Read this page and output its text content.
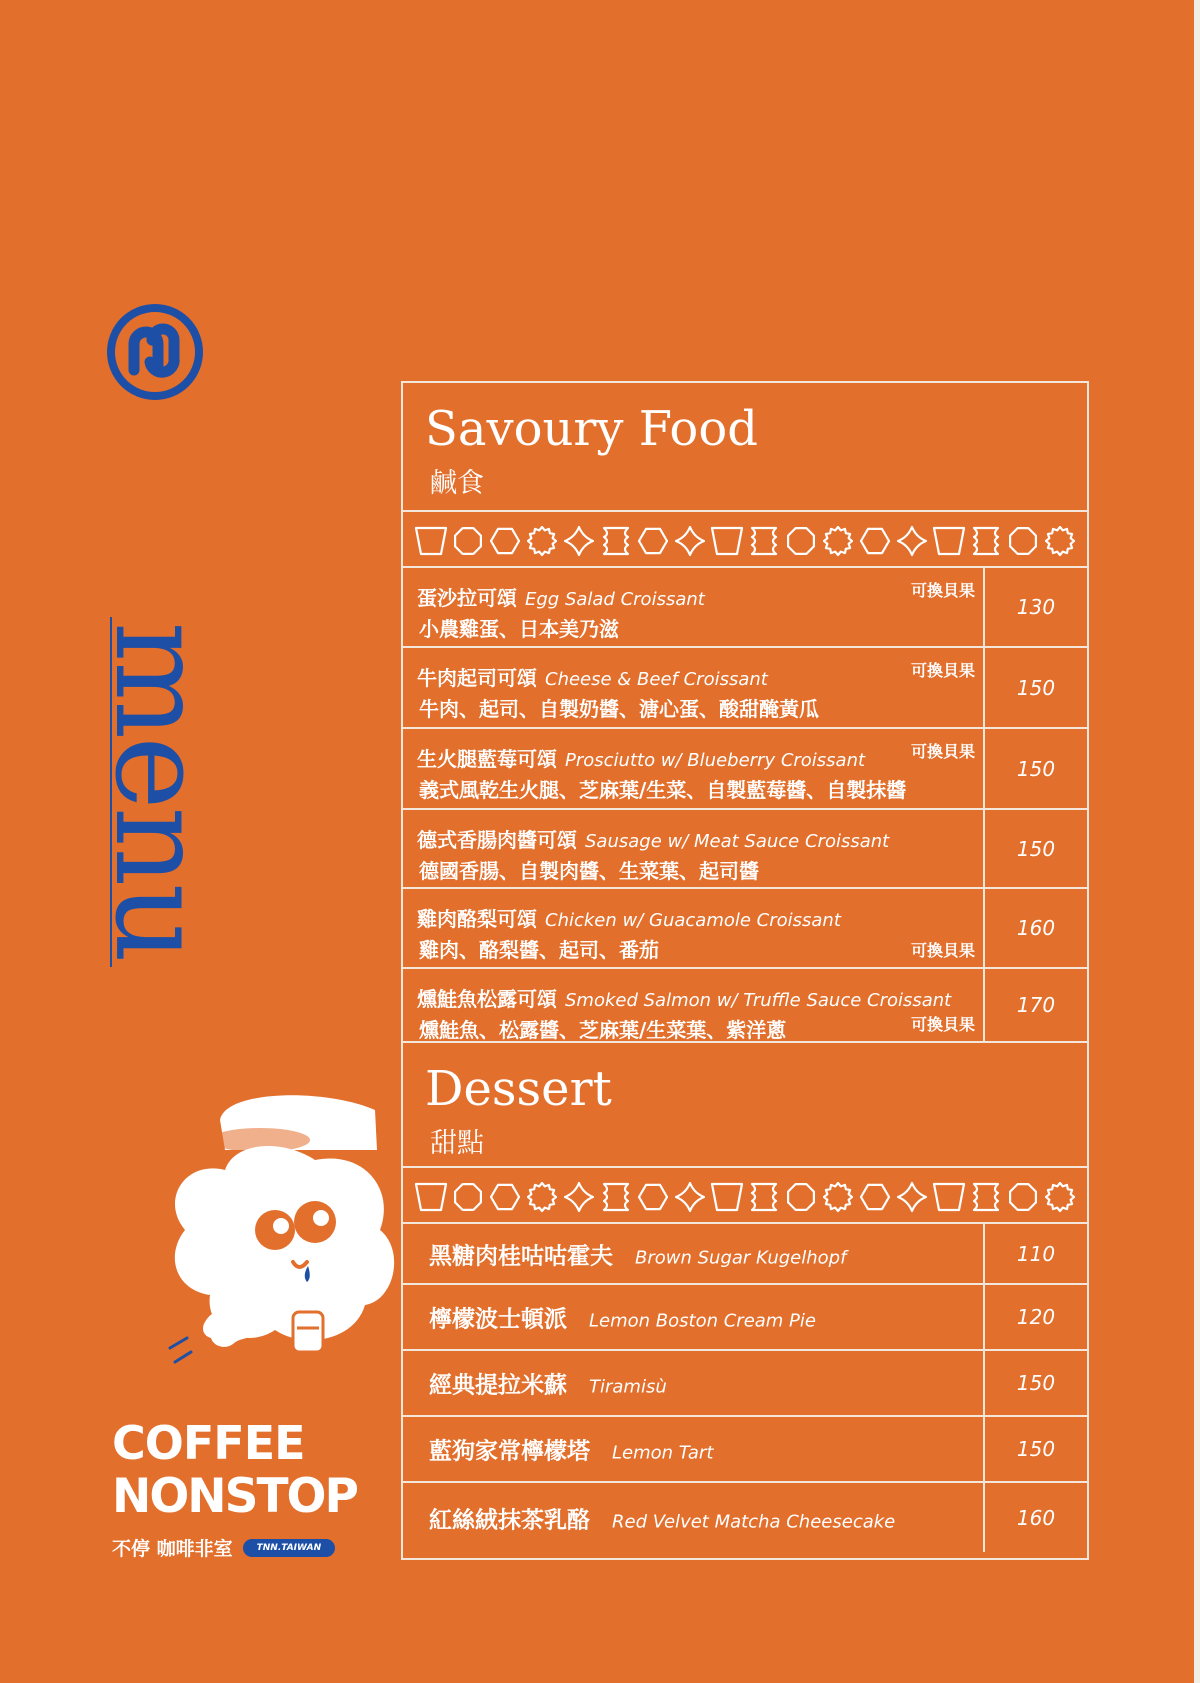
menu
COFFEE
NONSTOP
不停 咖啡非室	TNN.TAIWAN
Savoury Food
鹹食
蛋沙拉可頌 Egg Salad Croissant
小農雞蛋、日本美乃滋
可換貝果
130
牛肉起司可頌 Cheese & Beef Croissant
牛肉、起司、自製奶醬、溏心蛋、酸甜醃黃瓜
可換貝果
150
生火腿藍莓可頌 Prosciutto w/ Blueberry Croissant
義式風乾生火腿、芝麻葉/生菜、自製藍莓醬、自製抹醬
可換貝果
150
德式香腸肉醬可頌 Sausage w/ Meat Sauce Croissant
德國香腸、自製肉醬、生菜葉、起司醬
150
雞肉酪梨可頌 Chicken w/ Guacamole Croissant
雞肉、酪梨醬、起司、番茄	可換貝果
160
燻鮭魚松露可頌 Smoked Salmon w/ Truffle Sauce Croissant
燻鮭魚、松露醬、芝麻葉/生菜葉、紫洋蔥	可換貝果
170
Dessert
甜點
黑糖肉桂咕咕霍夫 Brown Sugar Kugelhopf	110
檸檬波士頓派 Lemon Boston Cream Pie	120
經典提拉米蘇 Tiramisù	150
藍狗家常檸檬塔 Lemon Tart	150
紅絲絨抹茶乳酪 Red Velvet Matcha Cheesecake	160
